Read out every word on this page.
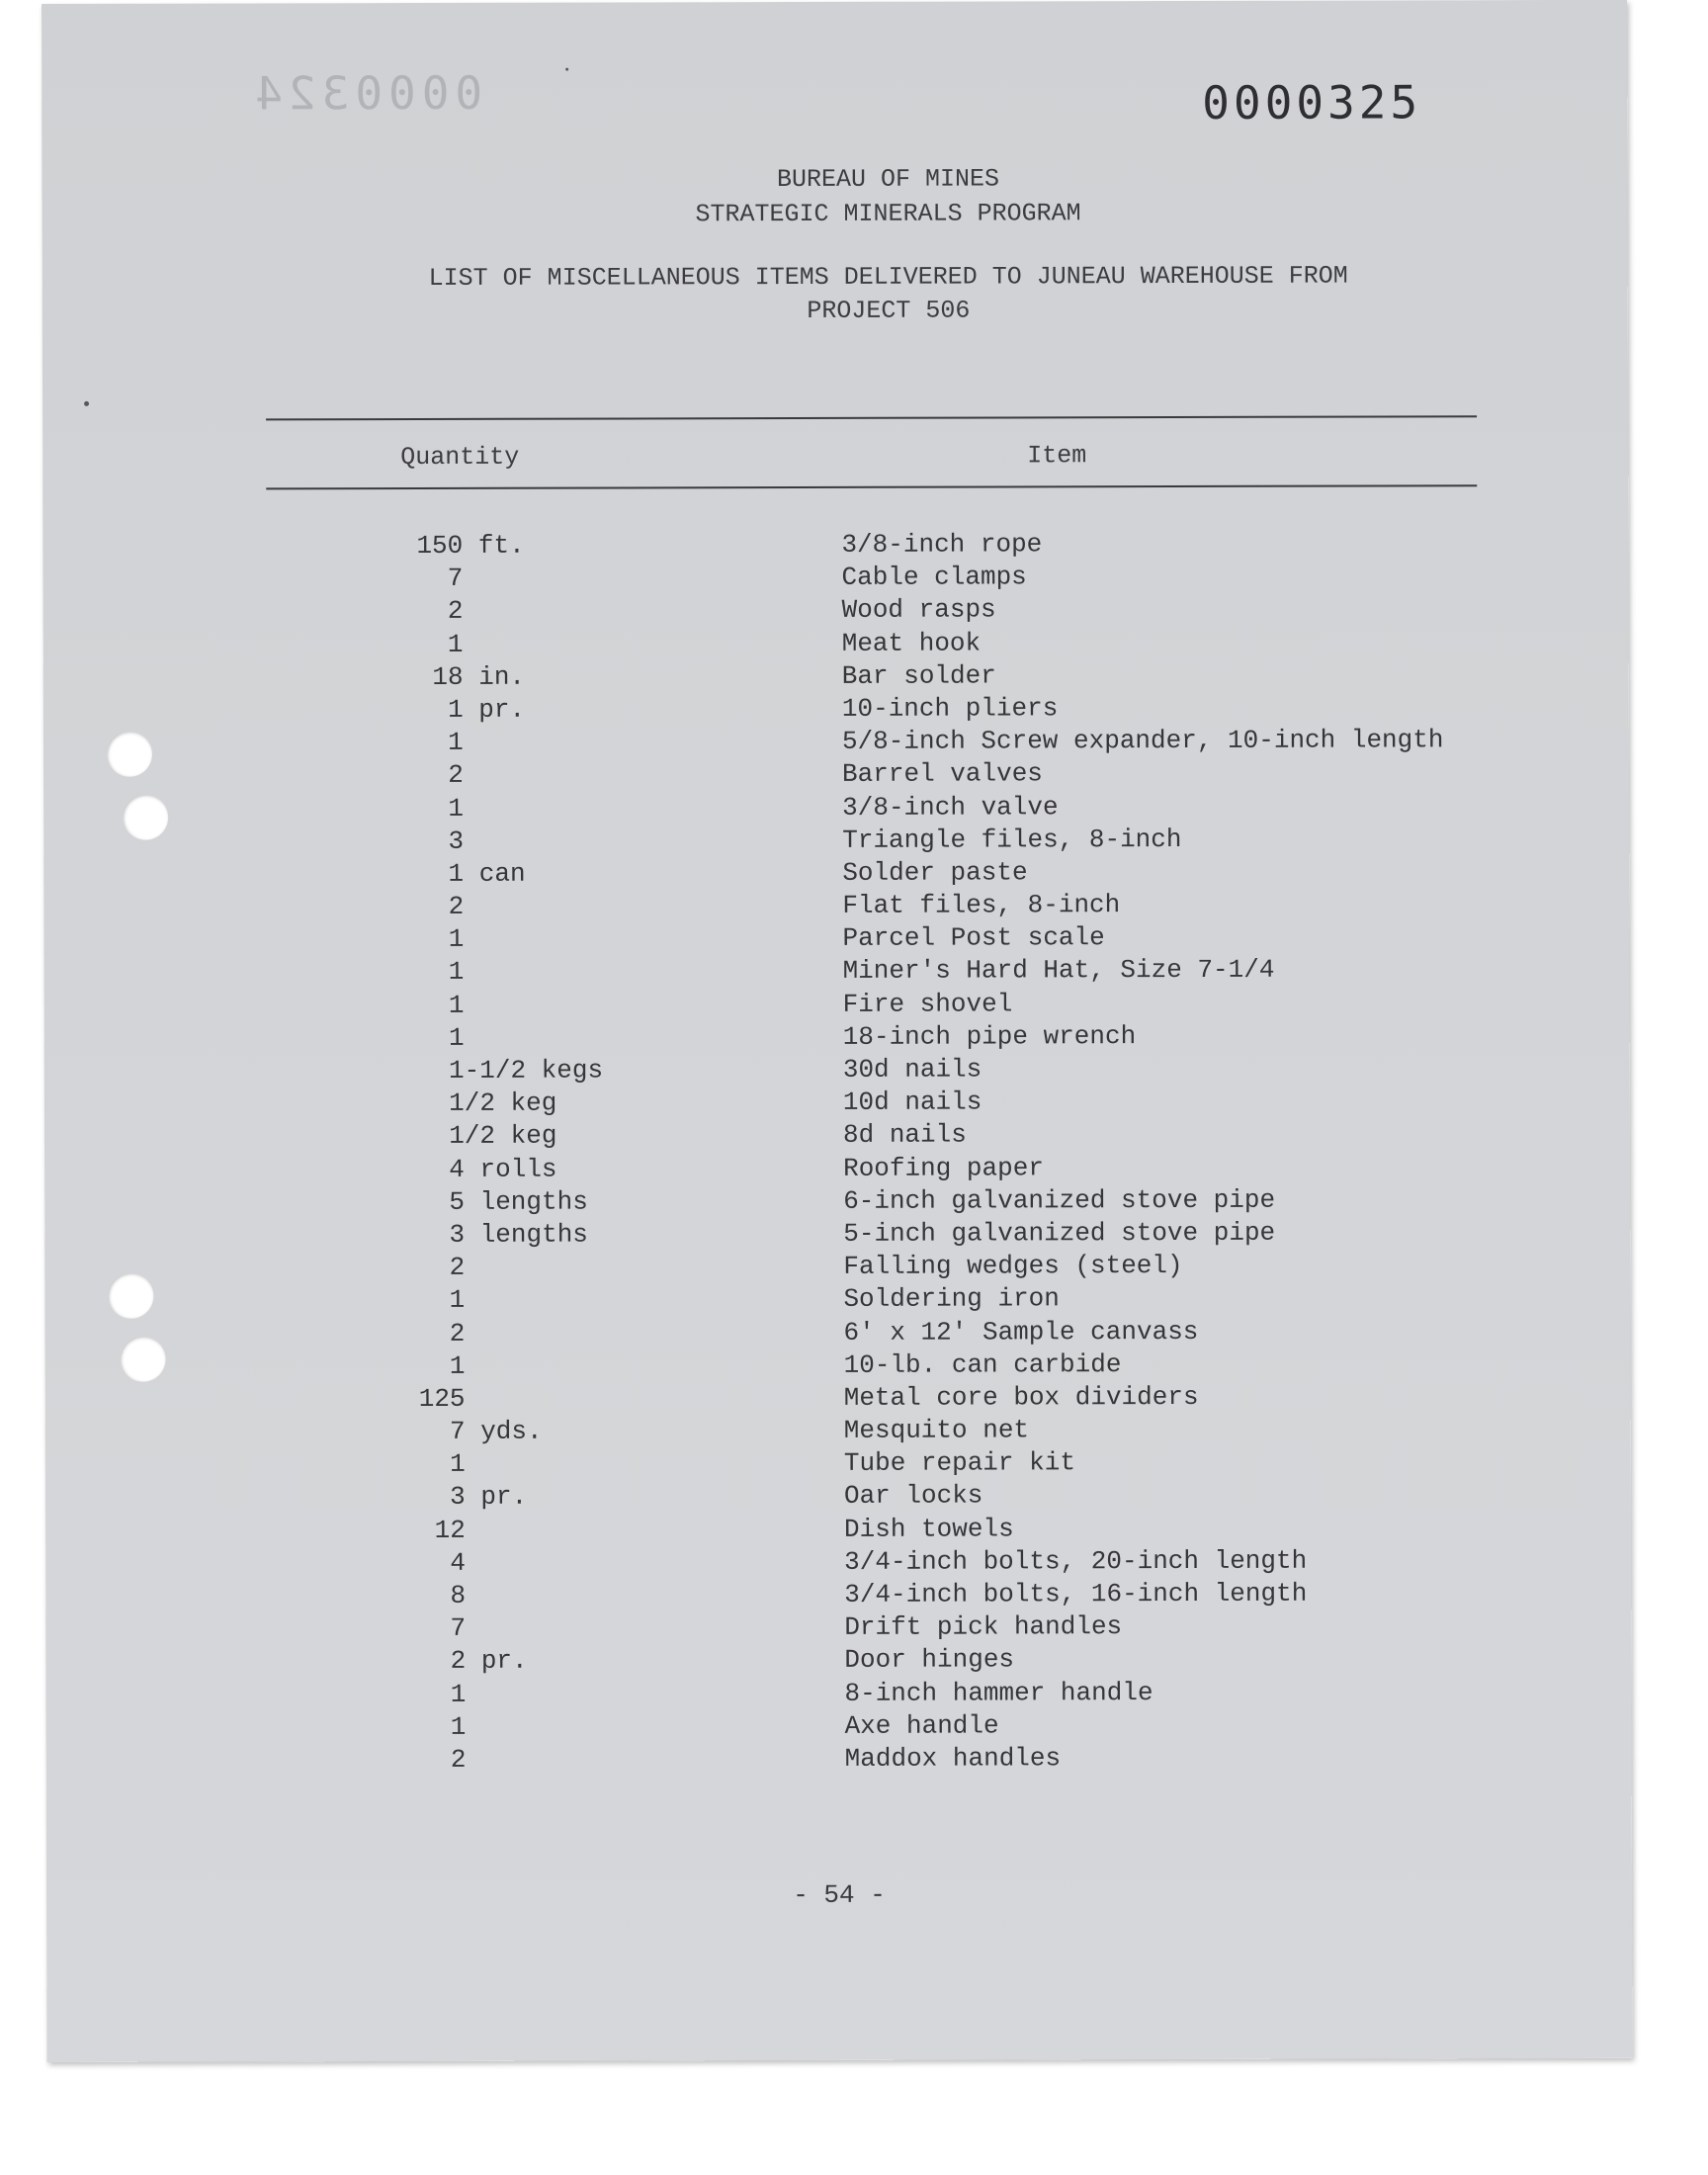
0000324	0000325
BUREAU OF MINES
STRATEGIC MINERALS PROGRAM
LIST OF MISCELLANEOUS ITEMS DELIVERED TO JUNEAU WAREHOUSE FROM
PROJECT 506
Quantity	Item
150 ft.	3/8-inch rope
7	Cable clamps
2	Wood rasps
1	Meat hook
18 in.	Bar solder
1 pr.	10-inch pliers
1	5/8-inch Screw expander, 10-inch length
2	Barrel valves
1	3/8-inch valve
3	Triangle files, 8-inch
1 can	Solder paste
2	Flat files, 8-inch
1	Parcel Post scale
1	Miner's Hard Hat, Size 7-1/4
1	Fire shovel
1	18-inch pipe wrench
1-1/2 kegs	30d nails
1/2 keg	10d nails
1/2 keg	8d nails
4 rolls	Roofing paper
5 lengths	6-inch galvanized stove pipe
3 lengths	5-inch galvanized stove pipe
2	Falling wedges (steel)
1	Soldering iron
2	6' x 12' Sample canvass
1	10-lb. can carbide
125	Metal core box dividers
7 yds.	Mesquito net
1	Tube repair kit
3 pr.	Oar locks
12	Dish towels
4	3/4-inch bolts, 20-inch length
8	3/4-inch bolts, 16-inch length
7	Drift pick handles
2 pr.	Door hinges
1	8-inch hammer handle
1	Axe handle
2	Maddox handles
- 54 -
